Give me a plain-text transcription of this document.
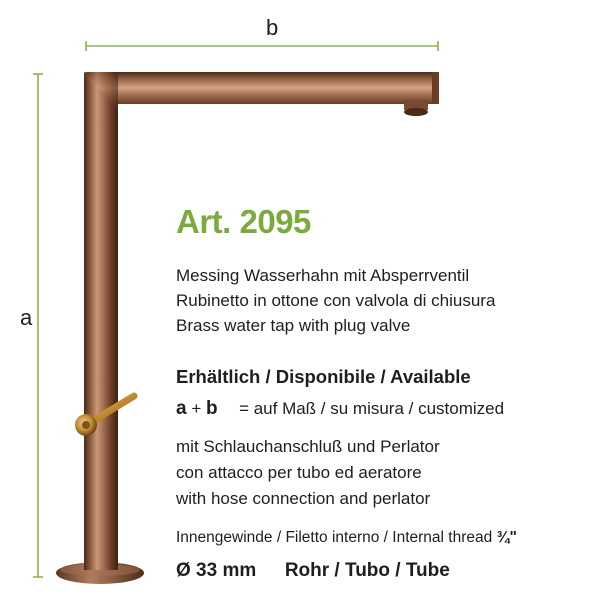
b
a
Art. 2095
Messing Wasserhahn mit Absperrventil
Rubinetto in ottone con valvola di chiusura
Brass water tap with plug valve
Erhältlich / Disponibile / Available
a + b = auf Maß / su misura / customized
mit Schlauchanschluß und Perlator
con attacco per tubo ed aeratore
with hose connection and perlator
Innengewinde / Filetto interno / Internal thread ¾"
Ø 33 mm Rohr / Tubo / Tube
